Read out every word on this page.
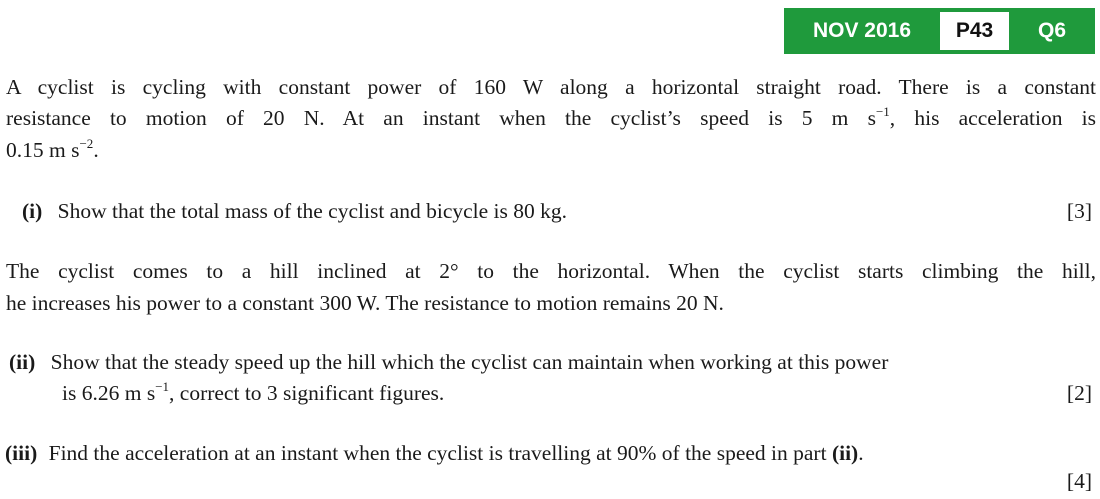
NOV 2016	P43	Q6
A cyclist is cycling with constant power of 160 W along a horizontal straight road. There is a constant
resistance to motion of 20 N. At an instant when the cyclist’s speed is 5 m $s^{-1}$, his acceleration is
0.15 m $s^{-2}$.
(i) Show that the total mass of the cyclist and bicycle is 80 kg.	[3]
The cyclist comes to a hill inclined at 2° to the horizontal. When the cyclist starts climbing the hill,
he increases his power to a constant 300 W. The resistance to motion remains 20 N.
(ii) Show that the steady speed up the hill which the cyclist can maintain when working at this power
is 6.26 m $s^{-1}$, correct to 3 significant figures.	[2]
(iii) Find the acceleration at an instant when the cyclist is travelling at 90% of the speed in part (ii).
[4]
